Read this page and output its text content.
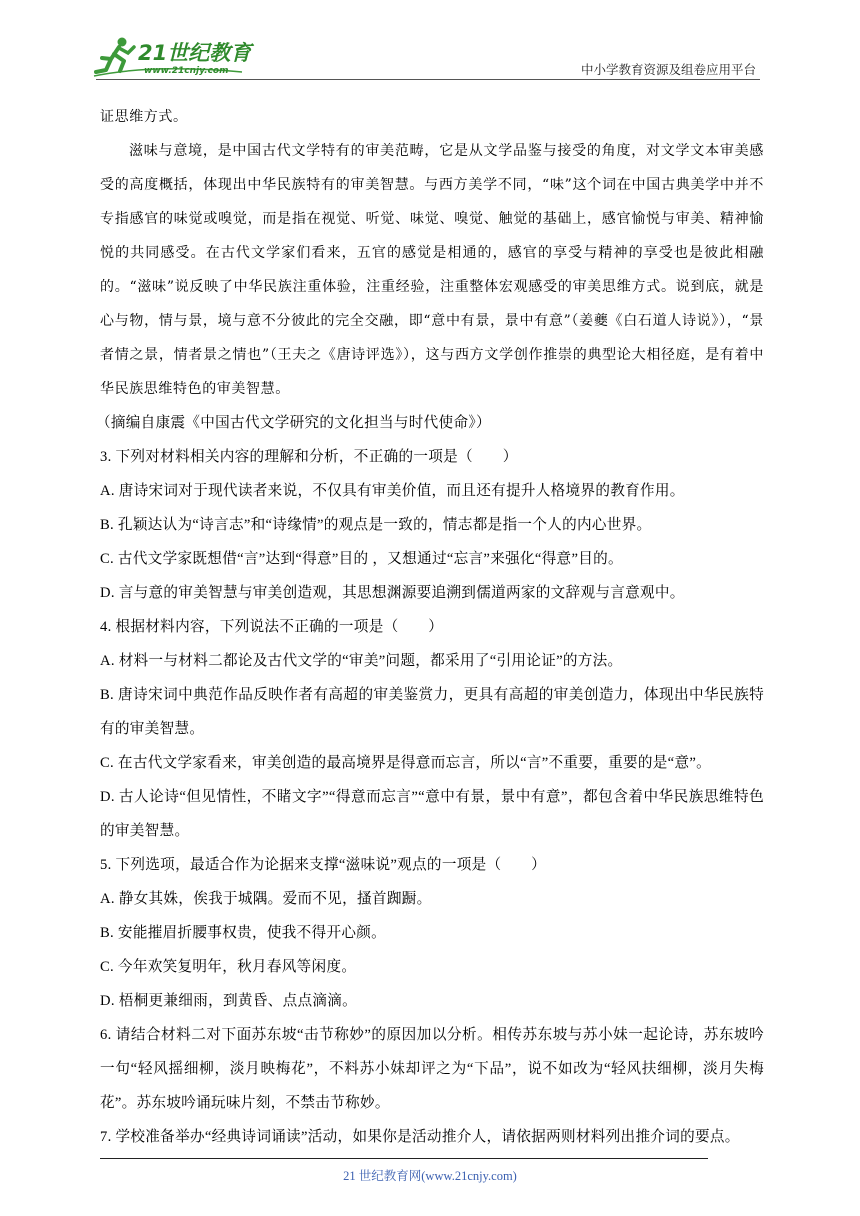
21世纪教育
www.21cnjy.com	中小学教育资源及组卷应用平台

证思维方式。

滋味与意境，是中国古代文学特有的审美范畴，它是从文学品鉴与接受的角度，对文学文本审美感受的高度概括，体现出中华民族特有的审美智慧。与西方美学不同，“味”这个词在中国古典美学中并不专指感官的味觉或嗅觉，而是指在视觉、听觉、味觉、嗅觉、触觉的基础上，感官愉悦与审美、精神愉悦的共同感受。在古代文学家们看来，五官的感觉是相通的，感官的享受与精神的享受也是彼此相融的。“滋味”说反映了中华民族注重体验，注重经验，注重整体宏观感受的审美思维方式。说到底，就是心与物，情与景，境与意不分彼此的完全交融，即“意中有景，景中有意”（姜夔《白石道人诗说》），“景者情之景，情者景之情也”（王夫之《唐诗评选》），这与西方文学创作推崇的典型论大相径庭，是有着中华民族思维特色的审美智慧。

（摘编自康震《中国古代文学研究的文化担当与时代使命》）

3. 下列对材料相关内容的理解和分析，不正确的一项是（　　）

A. 唐诗宋词对于现代读者来说，不仅具有审美价值，而且还有提升人格境界的教育作用。

B. 孔颖达认为“诗言志”和“诗缘情”的观点是一致的，情志都是指一个人的内心世界。

C. 古代文学家既想借“言”达到“得意”目的 ，又想通过“忘言”来强化“得意”目的。

D. 言与意的审美智慧与审美创造观，其思想渊源要追溯到儒道两家的文辞观与言意观中。

4. 根据材料内容，下列说法不正确的一项是（　　）

A. 材料一与材料二都论及古代文学的“审美”问题，都采用了“引用论证”的方法。

B. 唐诗宋词中典范作品反映作者有高超的审美鉴赏力，更具有高超的审美创造力，体现出中华民族特有的审美智慧。

C. 在古代文学家看来，审美创造的最高境界是得意而忘言，所以“言”不重要，重要的是“意”。

D. 古人论诗“但见情性，不睹文字”“得意而忘言”“意中有景，景中有意”，都包含着中华民族思维特色的审美智慧。

5. 下列选项，最适合作为论据来支撑“滋味说”观点的一项是（　　）

A. 静女其姝，俟我于城隅。爱而不见，搔首踟蹰。

B. 安能摧眉折腰事权贵，使我不得开心颜。

C. 今年欢笑复明年，秋月春风等闲度。

D. 梧桐更兼细雨，到黄昏、点点滴滴。

6. 请结合材料二对下面苏东坡“击节称妙”的原因加以分析。相传苏东坡与苏小妹一起论诗，苏东坡吟一句“轻风摇细柳，淡月映梅花”，不料苏小妹却评之为“下品”，说不如改为“轻风扶细柳，淡月失梅花”。苏东坡吟诵玩味片刻，不禁击节称妙。

7. 学校准备举办“经典诗词诵读”活动，如果你是活动推介人，请依据两则材料列出推介词的要点。

21 世纪教育网(www.21cnjy.com)
